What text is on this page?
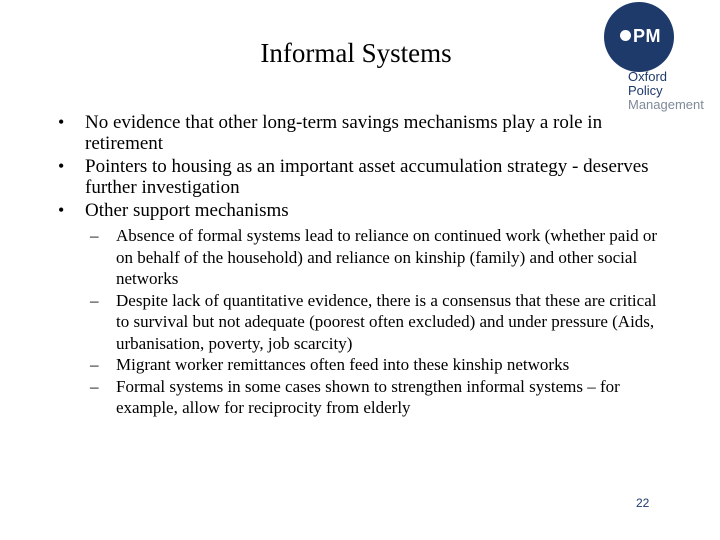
Informal Systems
PM
Oxford
Policy
Management
• No evidence that other long-term savings mechanisms play a role in retirement
• Pointers to housing as an important asset accumulation strategy - deserves further investigation
• Other support mechanisms
– Absence of formal systems lead to reliance on continued work (whether paid or on behalf of the household) and reliance on kinship (family) and other social networks
– Despite lack of quantitative evidence, there is a consensus that these are critical to survival but not adequate (poorest often excluded) and under pressure (Aids, urbanisation, poverty, job scarcity)
– Migrant worker remittances often feed into these kinship networks
– Formal systems in some cases shown to strengthen informal systems – for example, allow for reciprocity from elderly
22
